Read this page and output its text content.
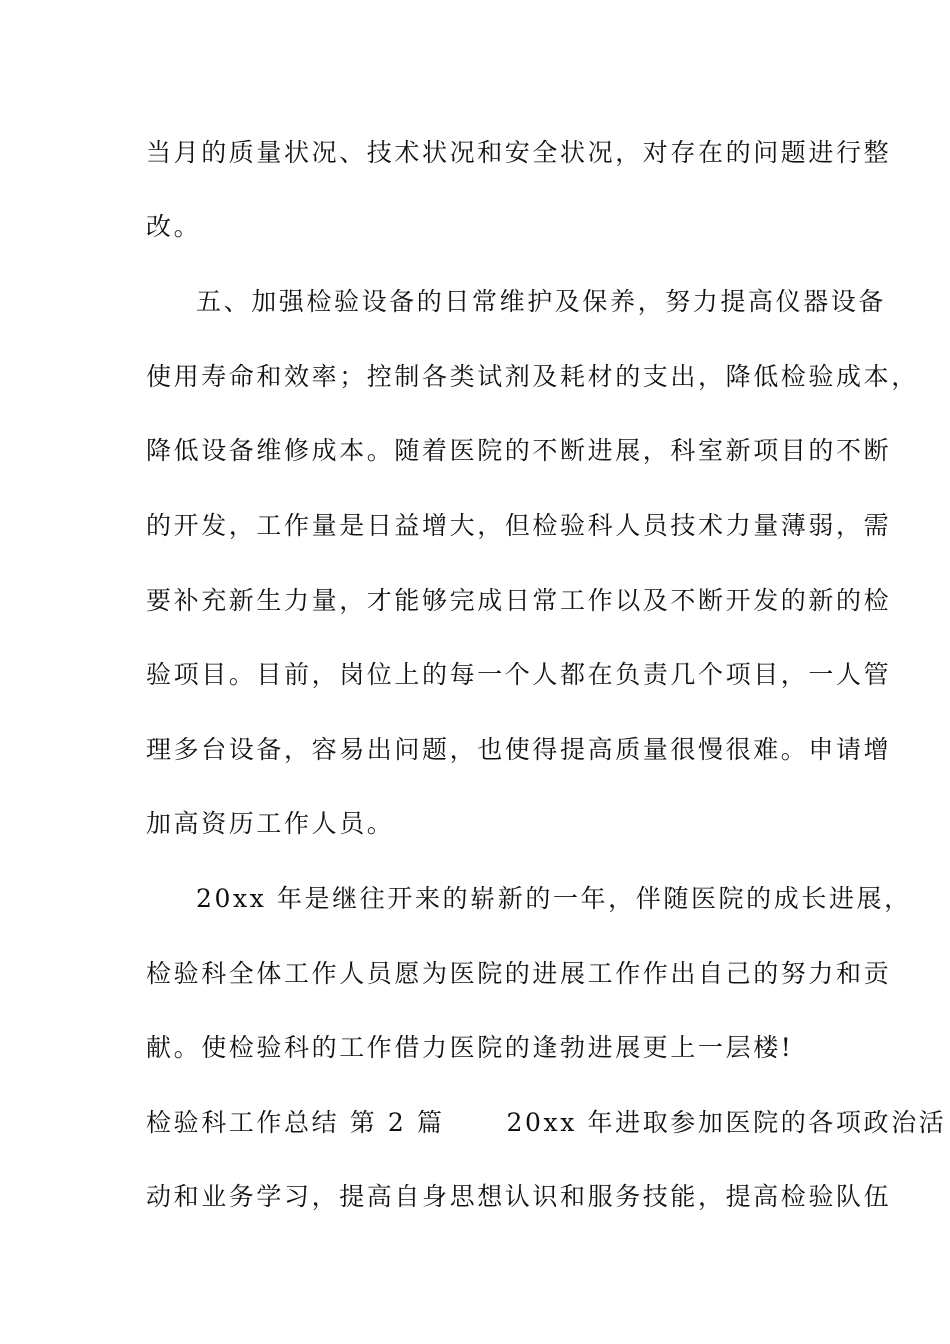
当月的质量状况、技术状况和安全状况，对存在的问题进行整
改。
五、加强检验设备的日常维护及保养，努力提高仪器设备
使用寿命和效率；控制各类试剂及耗材的支出，降低检验成本，
降低设备维修成本。随着医院的不断进展，科室新项目的不断
的开发，工作量是日益增大，但检验科人员技术力量薄弱，需
要补充新生力量，才能够完成日常工作以及不断开发的新的检
验项目。目前，岗位上的每一个人都在负责几个项目，一人管
理多台设备，容易出问题，也使得提高质量很慢很难。申请增
加高资历工作人员。
20xx 年是继往开来的崭新的一年，伴随医院的成长进展，
检验科全体工作人员愿为医院的进展工作作出自己的努力和贡
献。使检验科的工作借力医院的逢勃进展更上一层楼!
检验科工作总结 第 2 篇 20xx 年进取参加医院的各项政治活
动和业务学习，提高自身思想认识和服务技能，提高检验队伍
